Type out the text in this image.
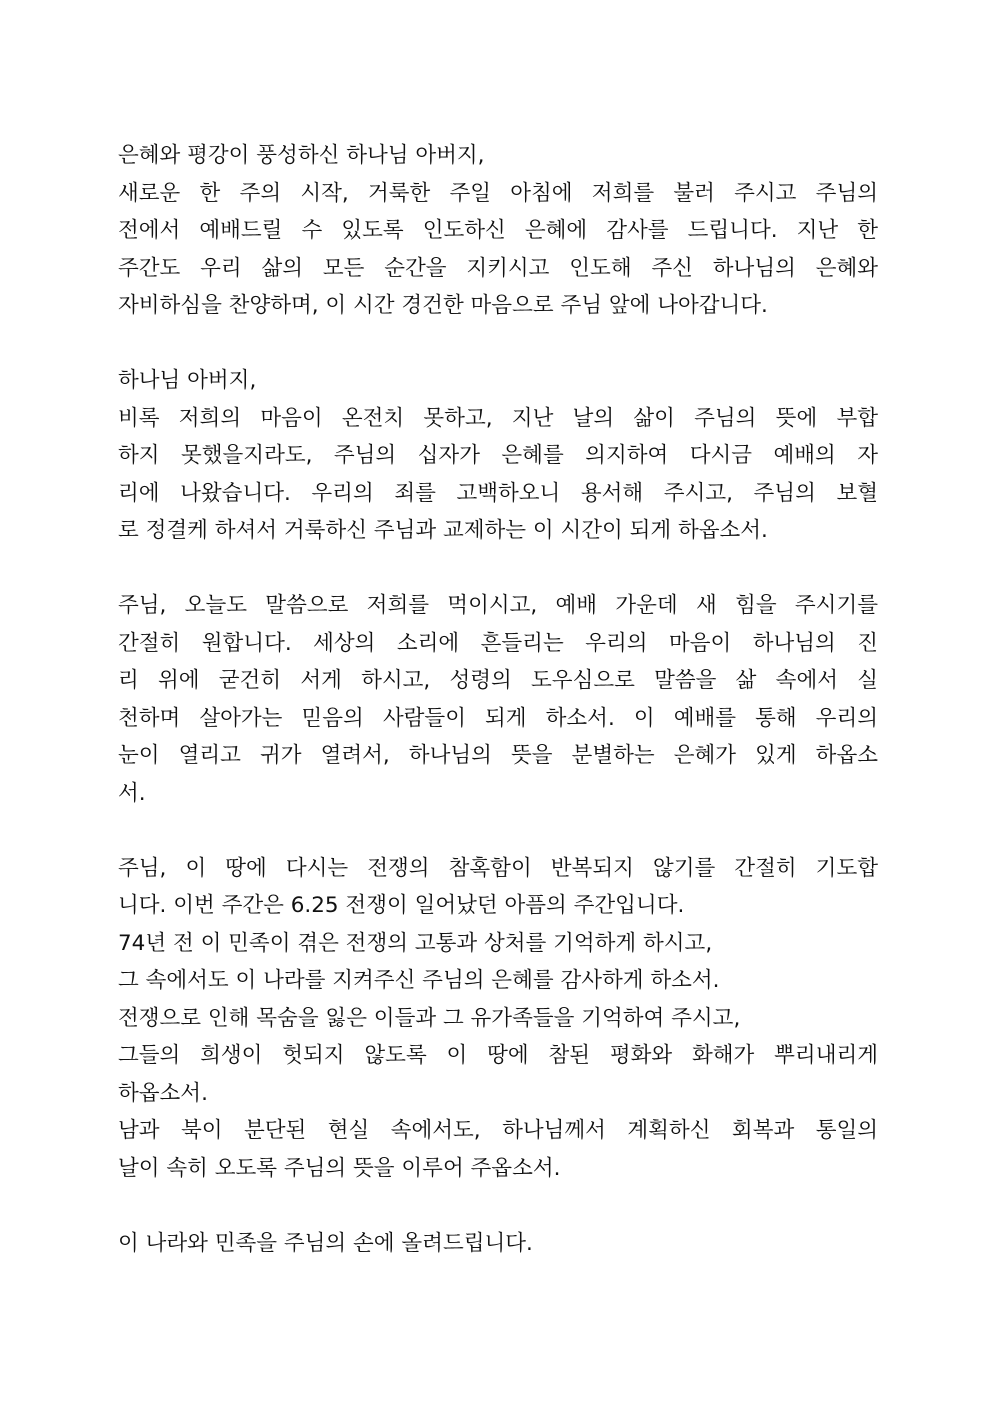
은혜와 평강이 풍성하신 하나님 아버지,
새로운 한 주의 시작, 거룩한 주일 아침에 저희를 불러 주시고 주님의
전에서 예배드릴 수 있도록 인도하신 은혜에 감사를 드립니다. 지난 한
주간도 우리 삶의 모든 순간을 지키시고 인도해 주신 하나님의 은혜와
자비하심을 찬양하며, 이 시간 경건한 마음으로 주님 앞에 나아갑니다.
하나님 아버지,
비록 저희의 마음이 온전치 못하고, 지난 날의 삶이 주님의 뜻에 부합
하지 못했을지라도, 주님의 십자가 은혜를 의지하여 다시금 예배의 자
리에 나왔습니다. 우리의 죄를 고백하오니 용서해 주시고, 주님의 보혈
로 정결케 하셔서 거룩하신 주님과 교제하는 이 시간이 되게 하옵소서.
주님, 오늘도 말씀으로 저희를 먹이시고, 예배 가운데 새 힘을 주시기를
간절히 원합니다. 세상의 소리에 흔들리는 우리의 마음이 하나님의 진
리 위에 굳건히 서게 하시고, 성령의 도우심으로 말씀을 삶 속에서 실
천하며 살아가는 믿음의 사람들이 되게 하소서. 이 예배를 통해 우리의
눈이 열리고 귀가 열려서, 하나님의 뜻을 분별하는 은혜가 있게 하옵소
서.
주님, 이 땅에 다시는 전쟁의 참혹함이 반복되지 않기를 간절히 기도합
니다. 이번 주간은 6.25 전쟁이 일어났던 아픔의 주간입니다.
74년 전 이 민족이 겪은 전쟁의 고통과 상처를 기억하게 하시고,
그 속에서도 이 나라를 지켜주신 주님의 은혜를 감사하게 하소서.
전쟁으로 인해 목숨을 잃은 이들과 그 유가족들을 기억하여 주시고,
그들의 희생이 헛되지 않도록 이 땅에 참된 평화와 화해가 뿌리내리게
하옵소서.
남과 북이 분단된 현실 속에서도, 하나님께서 계획하신 회복과 통일의
날이 속히 오도록 주님의 뜻을 이루어 주옵소서.
이 나라와 민족을 주님의 손에 올려드립니다.
